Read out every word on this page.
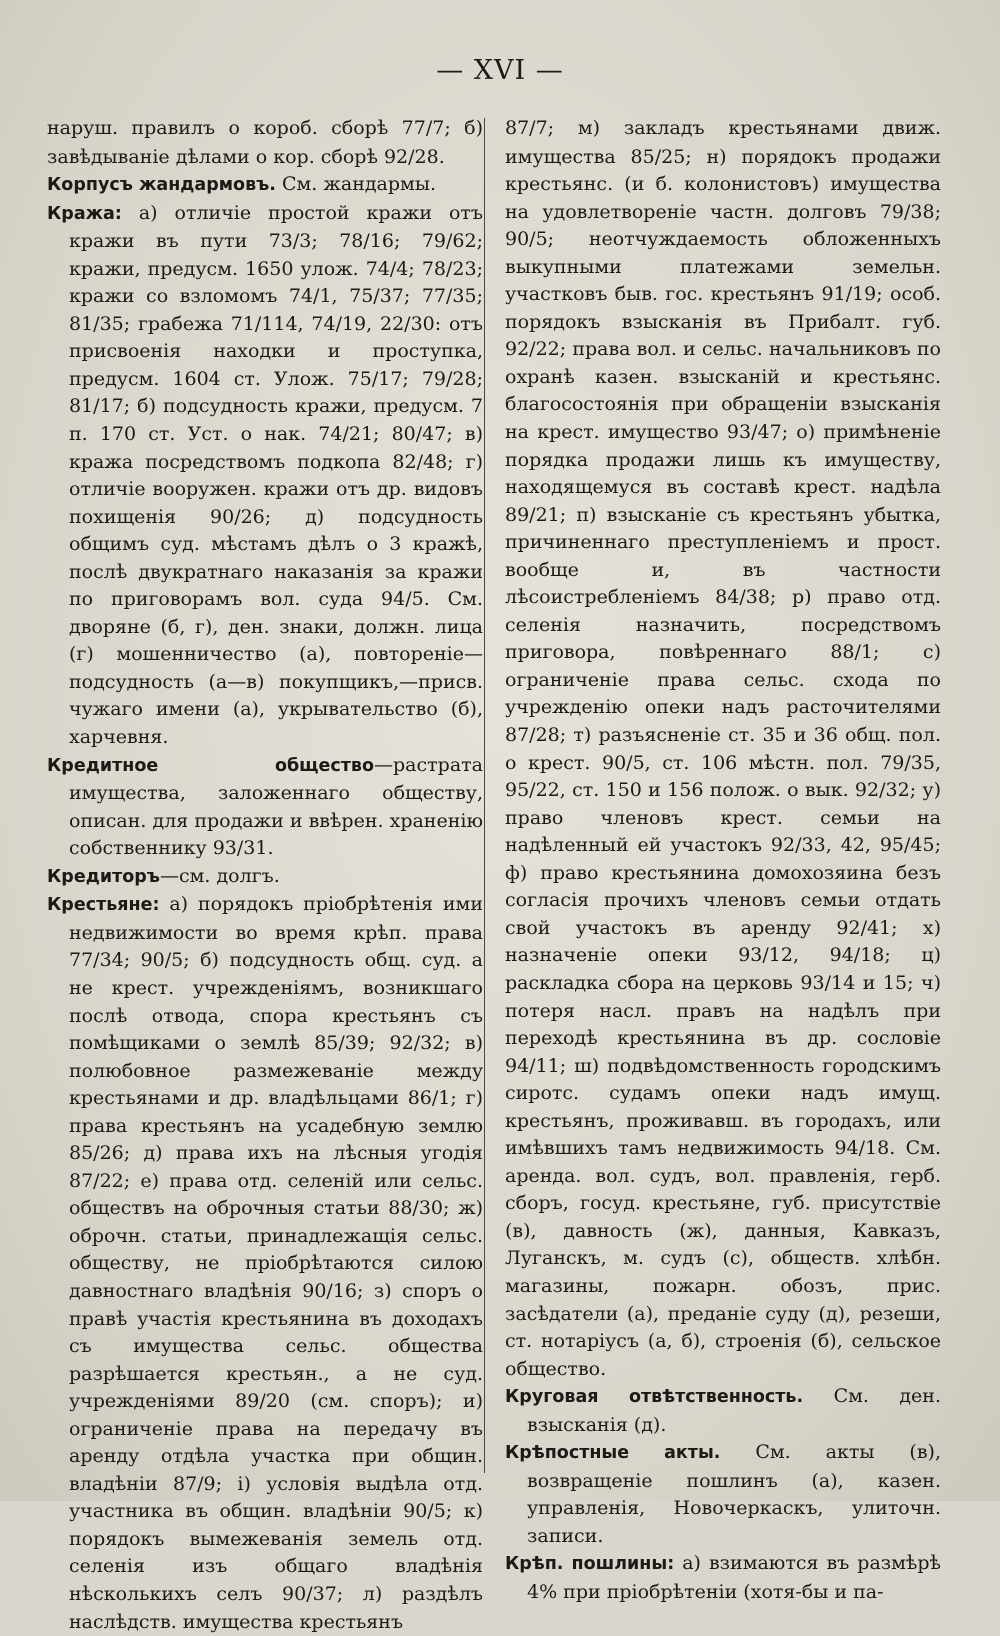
— XVI —

наруш. правилъ о короб. сборѣ 77/7; б) завѣдываніе дѣлами о кор. сборѣ 92/28.

Корпусъ жандармовъ. См. жандармы.

Кража: а) отличіе простой кражи отъ кражи въ пути 73/3; 78/16; 79/62; кражи, предусм. 1650 улож. 74/4; 78/23; кражи со взломомъ 74/1, 75/37; 77/35; 81/35; грабежа 71/114, 74/19, 22/30: отъ присвоенія находки и проступка, предусм. 1604 ст. Улож. 75/17; 79/28; 81/17; б) подсудность кражи, предусм. 7 п. 170 ст. Уст. о нак. 74/21; 80/47; в) кража посредствомъ подкопа 82/48; г) отличіе вооружен. кражи отъ др. видовъ похищенія 90/26; д) подсудность общимъ суд. мѣстамъ дѣлъ о 3 кражѣ, послѣ двукратнаго наказанія за кражи по приговорамъ вол. суда 94/5. См. дворяне (б, г), ден. знаки, должн. лица (г) мошенничество (а), повтореніе—подсудность (а—в) покупщикъ,—присв. чужаго имени (а), укрывательство (б), харчевня.

Кредитное общество—растрата имущества, заложеннаго обществу, описан. для продажи и ввѣрен. храненію собственнику 93/31.

Кредиторъ—см. долгъ.

Крестьяне: а) порядокъ пріобрѣтенія ими недвижимости во время крѣп. права 77/34; 90/5; б) подсудность общ. суд. а не крест. учрежденіямъ, возникшаго послѣ отвода, спора крестьянъ съ помѣщиками о землѣ 85/39; 92/32; в) полюбовное размежеваніе между крестьянами и др. владѣльцами 86/1; г) права крестьянъ на усадебную землю 85/26; д) права ихъ на лѣсныя угодія 87/22; е) права отд. селеній или сельс. обществъ на оброчныя статьи 88/30; ж) оброчн. статьи, принадлежащія сельс. обществу, не пріобрѣтаются силою давностнаго владѣнія 90/16; з) споръ о правѣ участія крестьянина въ доходахъ съ имущества сельс. общества разрѣшается крестьян., а не суд. учрежденіями 89/20 (см. споръ); и) ограниченіе права на передачу въ аренду отдѣла участка при общин. владѣніи 87/9; і) условія выдѣла отд. участника въ общин. владѣніи 90/5; к) порядокъ вымежеванія земель отд. селенія изъ общаго владѣнія нѣсколькихъ селъ 90/37; л) раздѣлъ наслѣдств. имущества крестьянъ

87/7; м) закладъ крестьянами движ. имущества 85/25; н) порядокъ продажи крестьянс. (и б. колонистовъ) имущества на удовлетвореніе частн. долговъ 79/38; 90/5; неотчуждаемость обложенныхъ выкупными платежами земельн. участковъ быв. гос. крестьянъ 91/19; особ. порядокъ взысканія въ Прибалт. губ. 92/22; права вол. и сельс. начальниковъ по охранѣ казен. взысканій и крестьянс. благосостоянія при обращеніи взысканія на крест. имущество 93/47; о) примѣненіе порядка продажи лишь къ имуществу, находящемуся въ составѣ крест. надѣла 89/21; п) взысканіе съ крестьянъ убытка, причиненнаго преступленіемъ и прост. вообще и, въ частности лѣсоистребленіемъ 84/38; р) право отд. селенія назначить, посредствомъ приговора, повѣреннаго 88/1; с) ограниченіе права сельс. схода по учрежденію опеки надъ расточителями 87/28; т) разъясненіе ст. 35 и 36 общ. пол. о крест. 90/5, ст. 106 мѣстн. пол. 79/35, 95/22, ст. 150 и 156 полож. о вык. 92/32; у) право членовъ крест. семьи на надѣленный ей участокъ 92/33, 42, 95/45; ф) право крестьянина домохозяина безъ согласія прочихъ членовъ семьи отдать свой участокъ въ аренду 92/41; х) назначеніе опеки 93/12, 94/18; ц) раскладка сбора на церковь 93/14 и 15; ч) потеря насл. правъ на надѣлъ при переходѣ крестьянина въ др. сословіе 94/11; ш) подвѣдомственность городскимъ сиротс. судамъ опеки надъ имущ. крестьянъ, проживавш. въ городахъ, или имѣвшихъ тамъ недвижимость 94/18. См. аренда. вол. судъ, вол. правленія, герб. сборъ, госуд. крестьяне, губ. присутствіе (в), давность (ж), данныя, Кавказъ, Луганскъ, м. судъ (с), обществ. хлѣбн. магазины, пожарн. обозъ, прис. засѣдатели (а), преданіе суду (д), резеши, ст. нотаріусъ (а, б), строенія (б), сельское общество.

Круговая отвѣтственность. См. ден. взысканія (д).

Крѣпостные акты. См. акты (в), возвращеніе пошлинъ (а), казен. управленія, Новочеркаскъ, улиточн. записи.

Крѣп. пошлины: а) взимаются въ размѣрѣ 4% при пріобрѣтеніи (хотя-бы и па-
